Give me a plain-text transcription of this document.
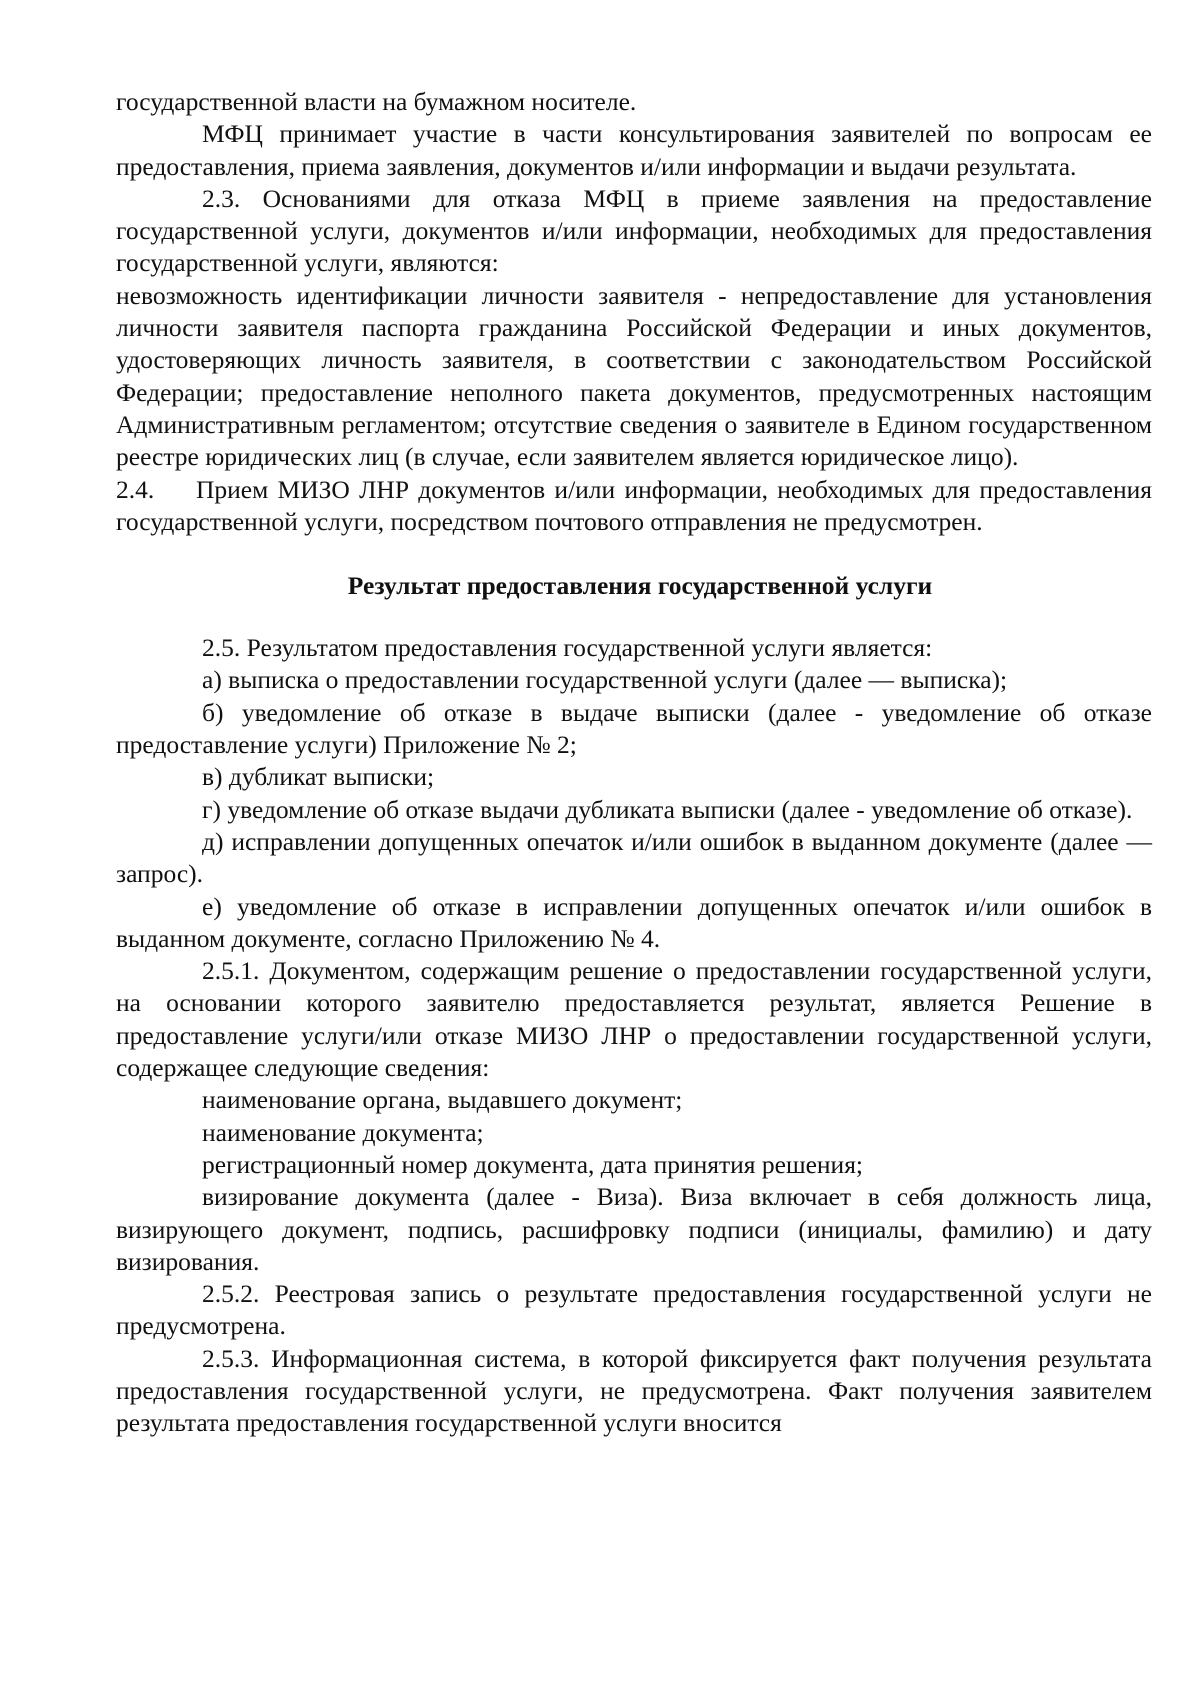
государственной власти на бумажном носителе.

МФЦ принимает участие в части консультирования заявителей по вопросам ее предоставления, приема заявления, документов и/или информации и выдачи результата.

2.3. Основаниями для отказа МФЦ в приеме заявления на предоставление государственной услуги, документов и/или информации, необходимых для предоставления государственной услуги, являются:

невозможность идентификации личности заявителя - непредоставление для установления личности заявителя паспорта гражданина Российской Федерации и иных документов, удостоверяющих личность заявителя, в соответствии с законодательством Российской Федерации; предоставление неполного пакета документов, предусмотренных настоящим Административным регламентом; отсутствие сведения о заявителе в Едином государственном реестре юридических лиц (в случае, если заявителем является юридическое лицо).

2.4. Прием МИЗО ЛНР документов и/или информации, необходимых для предоставления государственной услуги, посредством почтового отправления не предусмотрен.

Результат предоставления государственной услуги

2.5. Результатом предоставления государственной услуги является:

а) выписка о предоставлении государственной услуги (далее — выписка);

б) уведомление об отказе в выдаче выписки (далее - уведомление об отказе предоставление услуги) Приложение № 2;

в) дубликат выписки;

г) уведомление об отказе выдачи дубликата выписки (далее - уведомление об отказе).

д) исправлении допущенных опечаток и/или ошибок в выданном документе (далее — запрос).

е) уведомление об отказе в исправлении допущенных опечаток и/или ошибок в выданном документе, согласно Приложению № 4.

2.5.1. Документом, содержащим решение о предоставлении государственной услуги, на основании которого заявителю предоставляется результат, является Решение в предоставление услуги/или отказе МИЗО ЛНР о предоставлении государственной услуги, содержащее следующие сведения:

наименование органа, выдавшего документ;

наименование документа;

регистрационный номер документа, дата принятия решения;

визирование документа (далее - Виза). Виза включает в себя должность лица, визирующего документ, подпись, расшифровку подписи (инициалы, фамилию) и дату визирования.

2.5.2. Реестровая запись о результате предоставления государственной услуги не предусмотрена.

2.5.3. Информационная система, в которой фиксируется факт получения результата предоставления государственной услуги, не предусмотрена. Факт получения заявителем результата предоставления государственной услуги вносится
